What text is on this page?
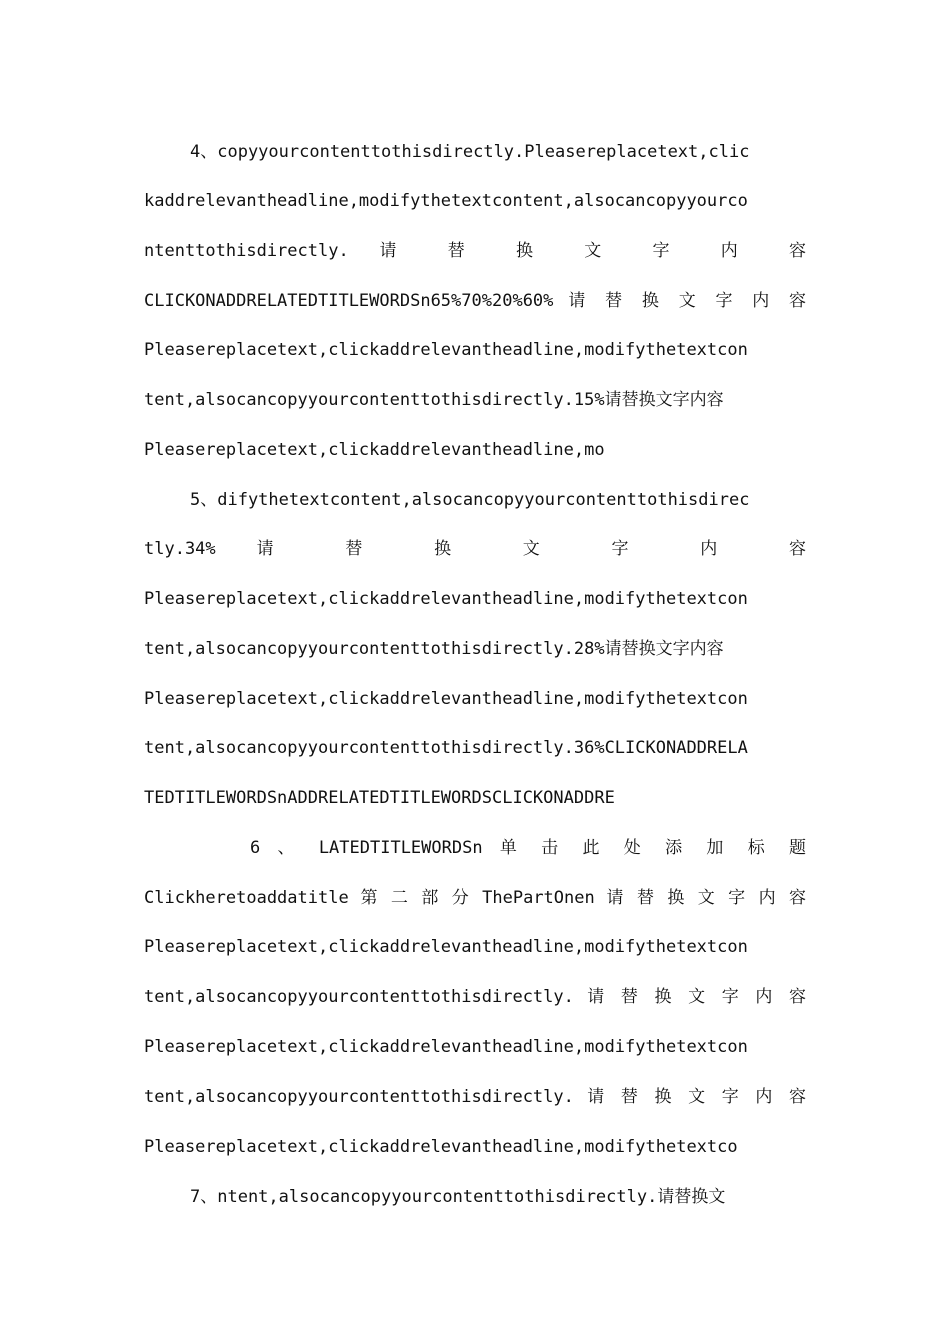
4、copyyourcontenttothisdirectly.Pleasereplacetext,clic
kaddrelevantheadline,modifythetextcontent,alsocancopyyourco
ntenttothisdirectly. 请 替 换 文 字 内 容
CLICKONADDRELATEDTITLEWORDSn65%70%20%60% 请 替 换 文 字 内 容
Pleasereplacetext,clickaddrelevantheadline,modifythetextcon
tent,alsocancopyyourcontenttothisdirectly.15%请替换文字内容
Pleasereplacetext,clickaddrelevantheadline,mo
5、difythetextcontent,alsocancopyyourcontenttothisdirec
tly.34% 请 替 换 文 字 内 容
Pleasereplacetext,clickaddrelevantheadline,modifythetextcon
tent,alsocancopyyourcontenttothisdirectly.28%请替换文字内容
Pleasereplacetext,clickaddrelevantheadline,modifythetextcon
tent,alsocancopyyourcontenttothisdirectly.36%CLICKONADDRELA
TEDTITLEWORDSnADDRELATEDTITLEWORDSCLICKONADDRE
6 、 LATEDTITLEWORDSn 单 击 此 处 添 加 标 题
Clickheretoaddatitle 第 二 部 分 ThePartOnen 请 替 换 文 字 内 容
Pleasereplacetext,clickaddrelevantheadline,modifythetextcon
tent,alsocancopyyourcontenttothisdirectly. 请 替 换 文 字 内 容
Pleasereplacetext,clickaddrelevantheadline,modifythetextcon
tent,alsocancopyyourcontenttothisdirectly. 请 替 换 文 字 内 容
Pleasereplacetext,clickaddrelevantheadline,modifythetextco
7、ntent,alsocancopyyourcontenttothisdirectly.请替换文
